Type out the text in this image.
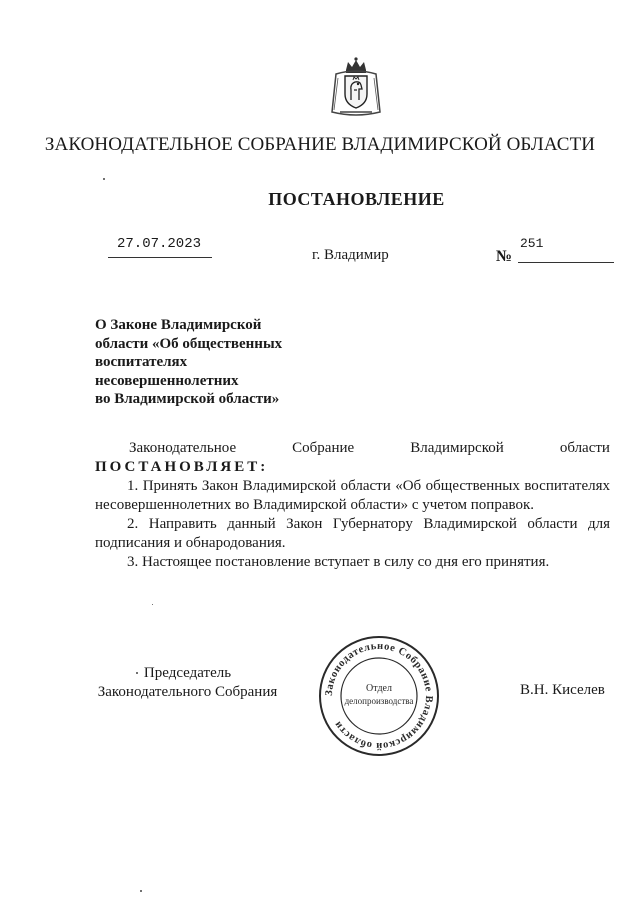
ЗАКОНОДАТЕЛЬНОЕ СОБРАНИЕ ВЛАДИМИРСКОЙ ОБЛАСТИ
ПОСТАНОВЛЕНИЕ
27.07.2023
г. Владимир	№
251
О Законе Владимирской
области «Об общественных
воспитателях
несовершеннолетних
во Владимирской области»
Законодательное	Собрание	Владимирской	области
ПОСТАНОВЛЯЕТ:

1. Принять Закон Владимирской области «Об общественных воспитателях несовершеннолетних во Владимирской области» с учетом поправок.

2. Направить данный Закон Губернатору Владимирской области для подписания и обнародования.

3. Настоящее постановление вступает в силу со дня его принятия.

Председатель
Законодательного Собрания	Законодательное Собрание Владимирской области
Отдел
делопроизводства
В.Н. Киселев
